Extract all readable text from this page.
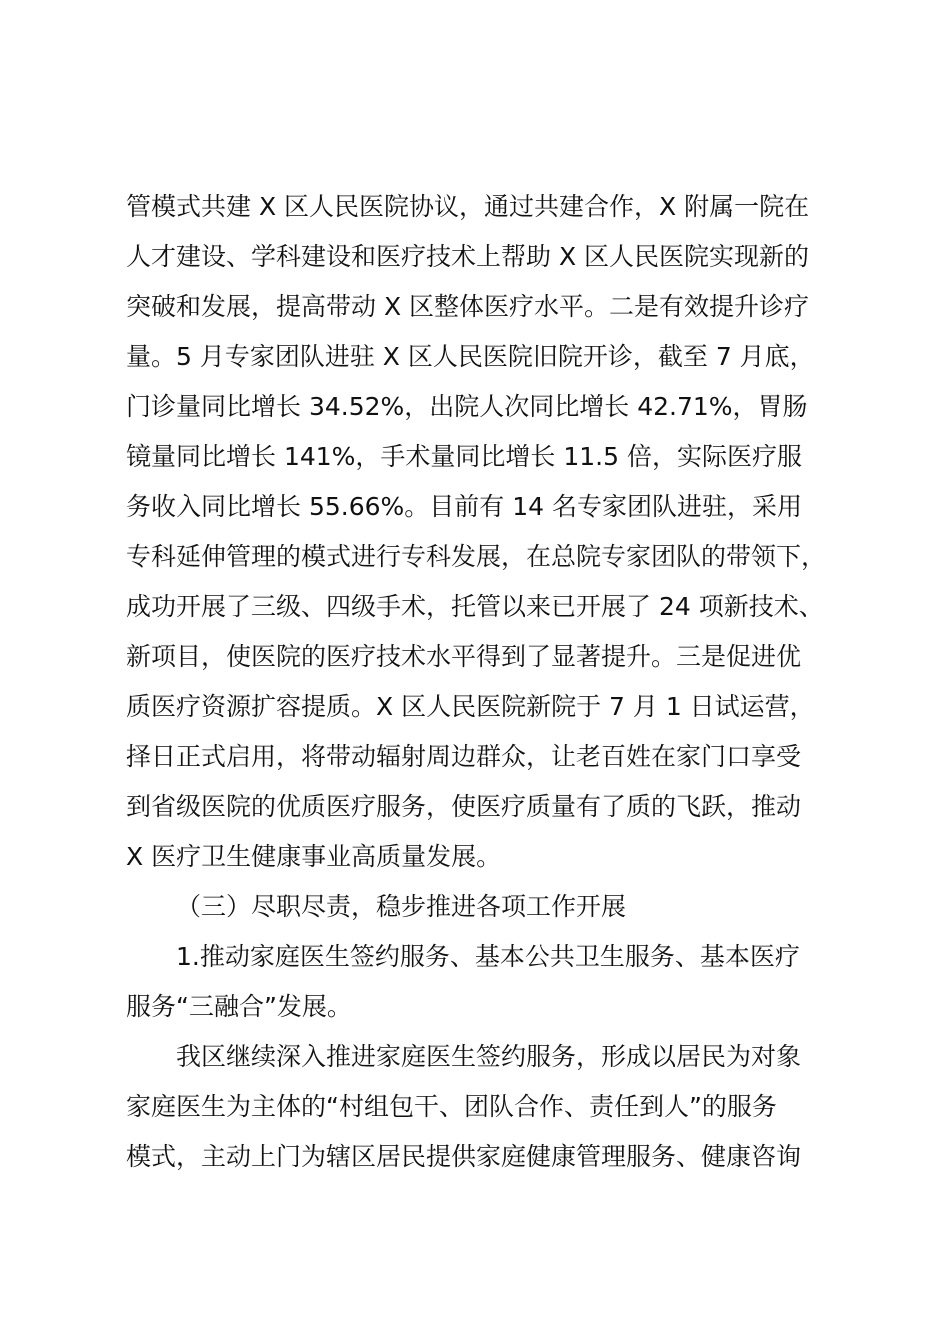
管模式共建 X 区人民医院协议，通过共建合作，X 附属一院在
人才建设、学科建设和医疗技术上帮助 X 区人民医院实现新的
突破和发展，提高带动 X 区整体医疗水平。二是有效提升诊疗
量。5 月专家团队进驻 X 区人民医院旧院开诊，截至 7 月底，
门诊量同比增长 34.52%，出院人次同比增长 42.71%，胃肠
镜量同比增长 141%，手术量同比增长 11.5 倍，实际医疗服
务收入同比增长 55.66%。目前有 14 名专家团队进驻，采用
专科延伸管理的模式进行专科发展，在总院专家团队的带领下，
成功开展了三级、四级手术，托管以来已开展了 24 项新技术、
新项目，使医院的医疗技术水平得到了显著提升。三是促进优
质医疗资源扩容提质。X 区人民医院新院于 7 月 1 日试运营，
择日正式启用，将带动辐射周边群众，让老百姓在家门口享受
到省级医院的优质医疗服务，使医疗质量有了质的飞跃，推动
X 医疗卫生健康事业高质量发展。
（三）尽职尽责，稳步推进各项工作开展
1.推动家庭医生签约服务、基本公共卫生服务、基本医疗
服务“三融合”发展。
我区继续深入推进家庭医生签约服务，形成以居民为对象
家庭医生为主体的“村组包干、团队合作、责任到人”的服务
模式，主动上门为辖区居民提供家庭健康管理服务、健康咨询
